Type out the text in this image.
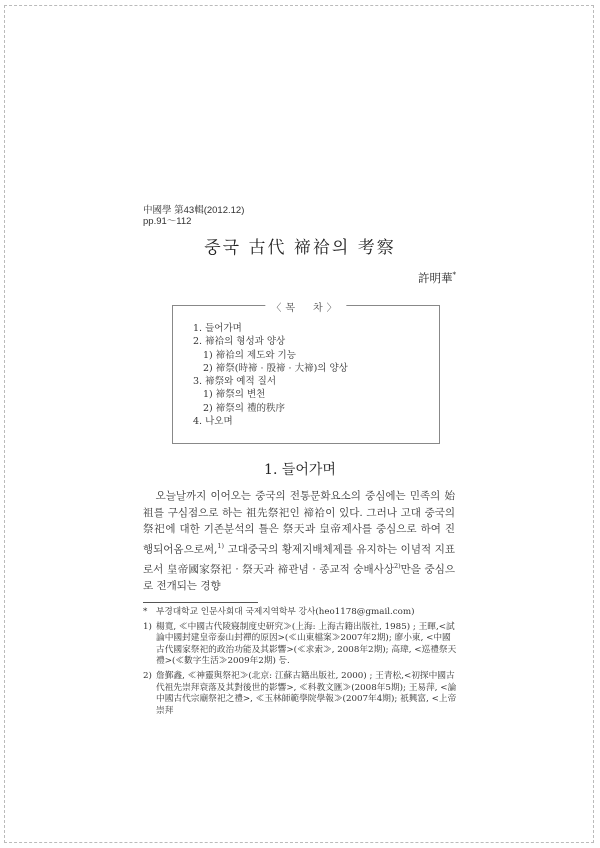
中國學 第43輯(2012.12)
pp.91～112
중국 古代 禘祫의 考察
許明華*
〈목　차〉
1. 들어가며
2. 禘祫의 형성과 양상
1) 禘祫의 제도와 기능
2) 禘祭(時禘 · 殷禘 · 大禘)의 양상
3. 禘祭와 예적 질서
1) 禘祭의 변천
2) 禘祭의 禮的秩序
4. 나오며
1. 들어가며
오늘날까지 이어오는 중국의 전통문화요소의 중심에는 민족의 始祖를 구심점으로 하는 祖先祭祀인 禘祫이 있다. 그러나 고대 중국의 祭祀에 대한 기존분석의 틀은 祭天과 皇帝제사를 중심으로 하여 진행되어옴으로써,$^{1)}$ 고대중국의 황제지배체제를 유지하는 이념적 지표로서 皇帝國家祭祀 · 祭天과 禘관념 · 종교적 숭배사상$^{2)}$만을 중심으로 전개되는 경향
* 부경대학교 인문사회대 국제지역학부 강사(heo1178@gmail.com)
1) 楊寬, ≪中國古代陵寢制度史研究≫(上海: 上海古籍出版社, 1985) ; 王暉,<試論中國封建皇帝泰山封禪的原因>(≪山東檔案≫2007年2期); 廖小東, <中國古代國家祭祀的政治功能及其影響>(≪求索≫, 2008年2期); 高瑋, <巡禮祭天禮>(≪數字生活≫2009年2期) 등.
2) 詹鄞鑫, ≪神靈與祭祀≫(北京: 江蘇古籍出版社, 2000) ; 王青松,<初探中國古代祖先崇拜衰落及其對後世的影響>, ≪科教文匯≫(2008年5期); 王易萍, <論中國古代宗廟祭祀之禮>, ≪玉林師範學院學報≫(2007年4期); 祇興富, <上帝崇拜
